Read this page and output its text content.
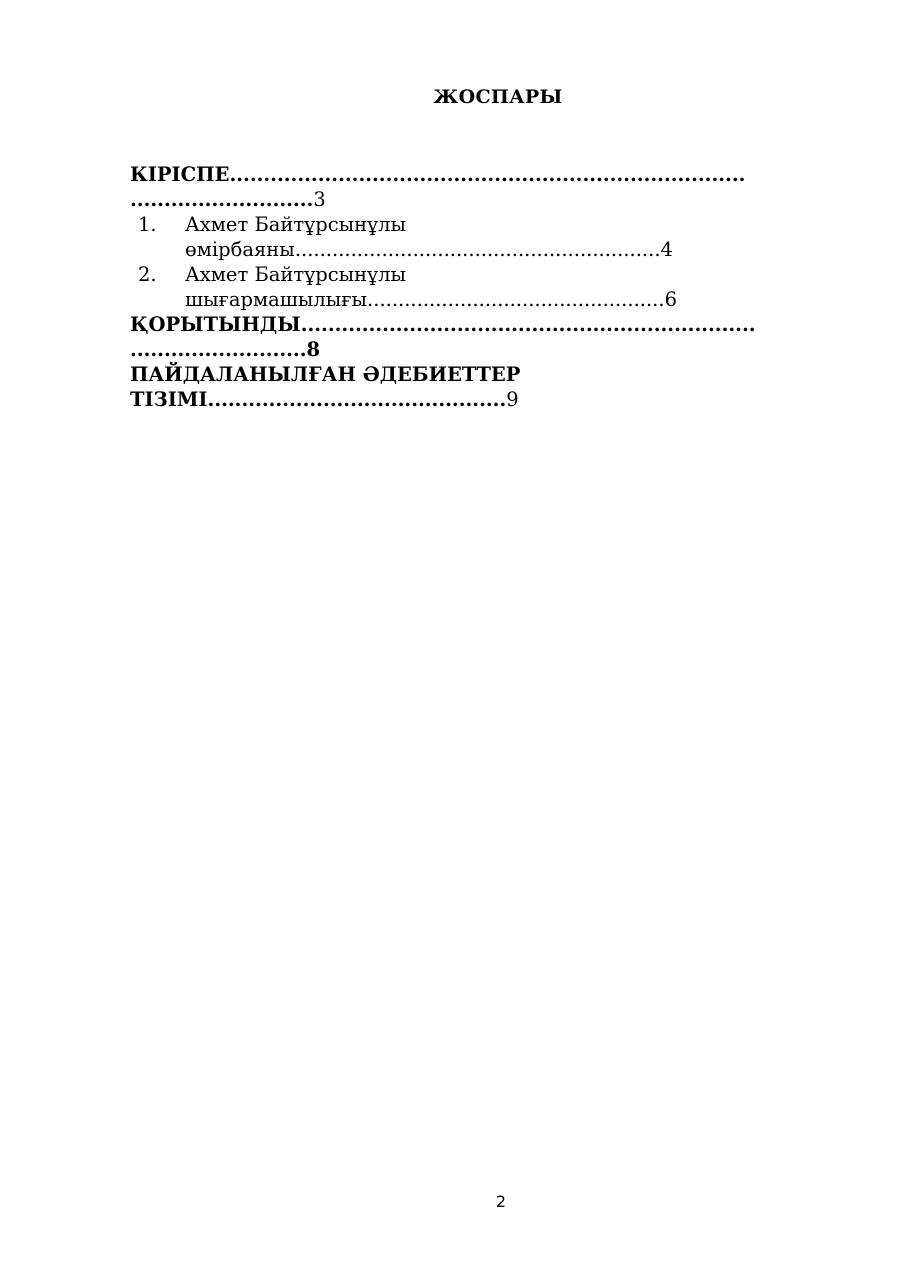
ЖОСПАРЫ
КІРІСПЕ............................................................................
...........................3
1. Ахмет Байтұрсынұлы
өмірбаяны...........................................................4
2. Ахмет Байтұрсынұлы
шығармашылығы................................................6
ҚОРЫТЫНДЫ...................................................................
..........................8
ПАЙДАЛАНЫЛҒАН ӘДЕБИЕТТЕР
ТІЗІМІ............................................9
2
